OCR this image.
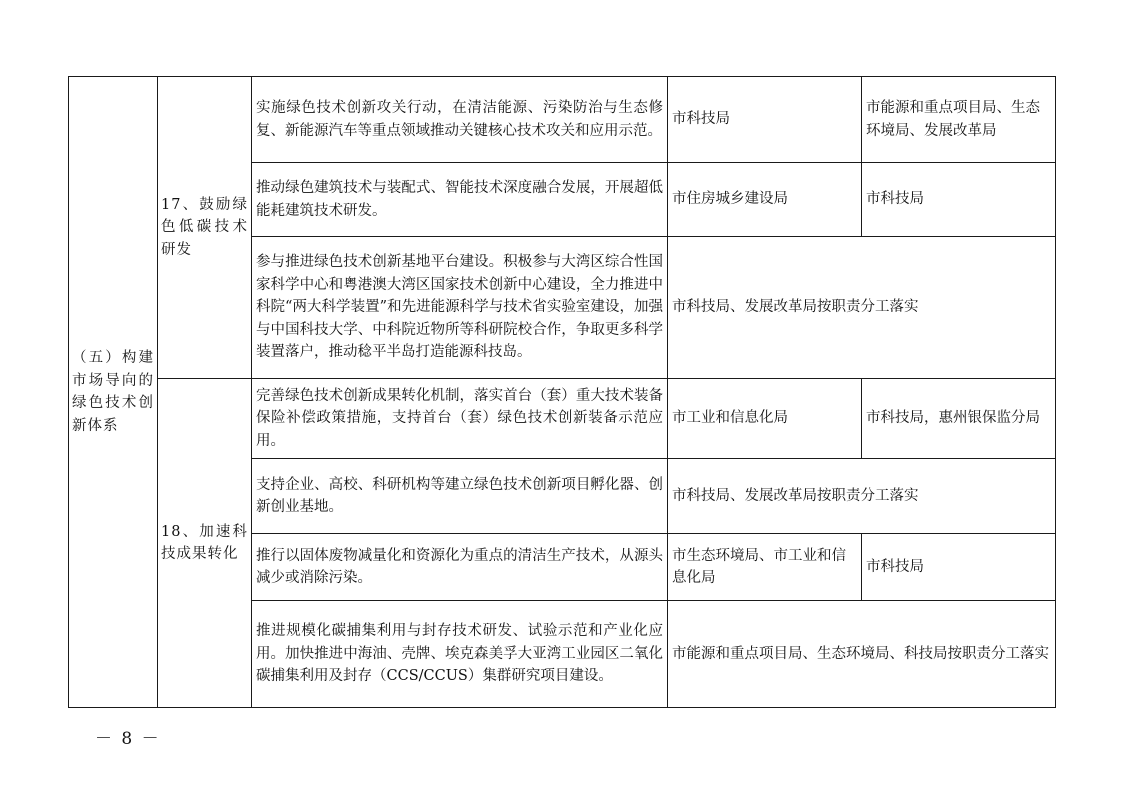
（五）构建市场导向的绿色技术创新体系	17、鼓励绿色低碳技术研发	实施绿色技术创新攻关行动，在清洁能源、污染防治与生态修复、新能源汽车等重点领域推动关键核心技术攻关和应用示范。	市科技局	市能源和重点项目局、生态环境局、发展改革局
		推动绿色建筑技术与装配式、智能技术深度融合发展，开展超低能耗建筑技术研发。	市住房城乡建设局	市科技局
		参与推进绿色技术创新基地平台建设。积极参与大湾区综合性国家科学中心和粤港澳大湾区国家技术创新中心建设，全力推进中科院“两大科学装置”和先进能源科学与技术省实验室建设，加强与中国科技大学、中科院近物所等科研院校合作，争取更多科学装置落户，推动稔平半岛打造能源科技岛。	市科技局、发展改革局按职责分工落实	
	18、加速科技成果转化	完善绿色技术创新成果转化机制，落实首台（套）重大技术装备保险补偿政策措施，支持首台（套）绿色技术创新装备示范应用。	市工业和信息化局	市科技局，惠州银保监分局
		支持企业、高校、科研机构等建立绿色技术创新项目孵化器、创新创业基地。	市科技局、发展改革局按职责分工落实	
		推行以固体废物减量化和资源化为重点的清洁生产技术，从源头减少或消除污染。	市生态环境局、市工业和信息化局	市科技局
		推进规模化碳捕集利用与封存技术研发、试验示范和产业化应用。加快推进中海油、壳牌、埃克森美孚大亚湾工业园区二氧化碳捕集利用及封存（CCS/CCUS）集群研究项目建设。	市能源和重点项目局、生态环境局、科技局按职责分工落实	
－ 8 －
